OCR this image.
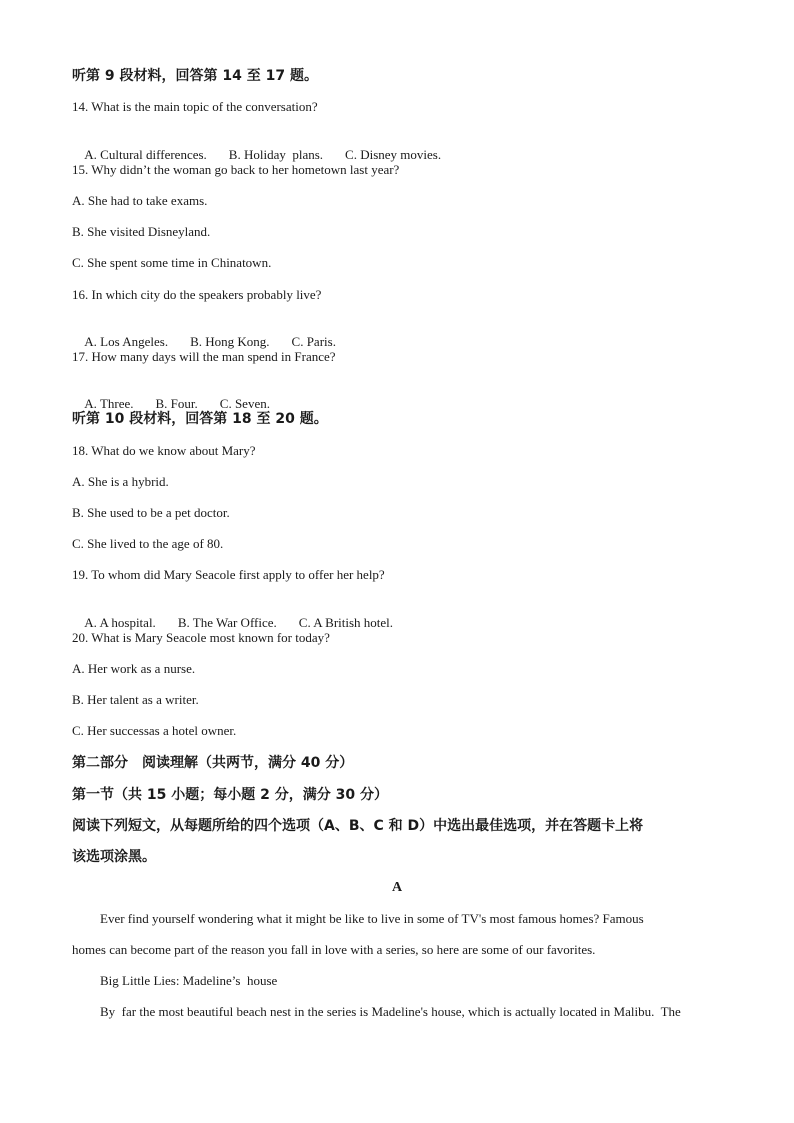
听第 9 段材料，回答第 14 至 17 题。
14. What is the main topic of the conversation?

A. Cultural differences. B. Holiday  plans. C. Disney movies.

15. Why didn’t the woman go back to her hometown last year?
A. She had to take exams.
B. She visited Disneyland.
C. She spent some time in Chinatown.
16. In which city do the speakers probably live?

A. Los Angeles. B. Hong Kong. C. Paris.

17. How many days will the man spend in France?

A. Three. B. Four. C. Seven.

听第 10 段材料，回答第 18 至 20 题。
18. What do we know about Mary?
A. She is a hybrid.
B. She used to be a pet doctor.
C. She lived to the age of 80.
19. To whom did Mary Seacole first apply to offer her help?

A. A hospital. B. The War Office. C. A British hotel.

20. What is Mary Seacole most known for today?
A. Her work as a nurse.
B. Her talent as a writer.
C. Her successas a hotel owner.
第二部分　阅读理解（共两节，满分 40 分）
第一节（共 15 小题；每小题 2 分，满分 30 分）
阅读下列短文，从每题所给的四个选项（A、B、C 和 D）中选出最佳选项，并在答题卡上将
该选项涂黑。
A
Ever find yourself wondering what it might be like to live in some of TV's most famous homes? Famous
homes can become part of the reason you fall in love with a series, so here are some of our favorites.
Big Little Lies: Madeline’s  house
By  far the most beautiful beach nest in the series is Madeline's house, which is actually located in Malibu.  The
